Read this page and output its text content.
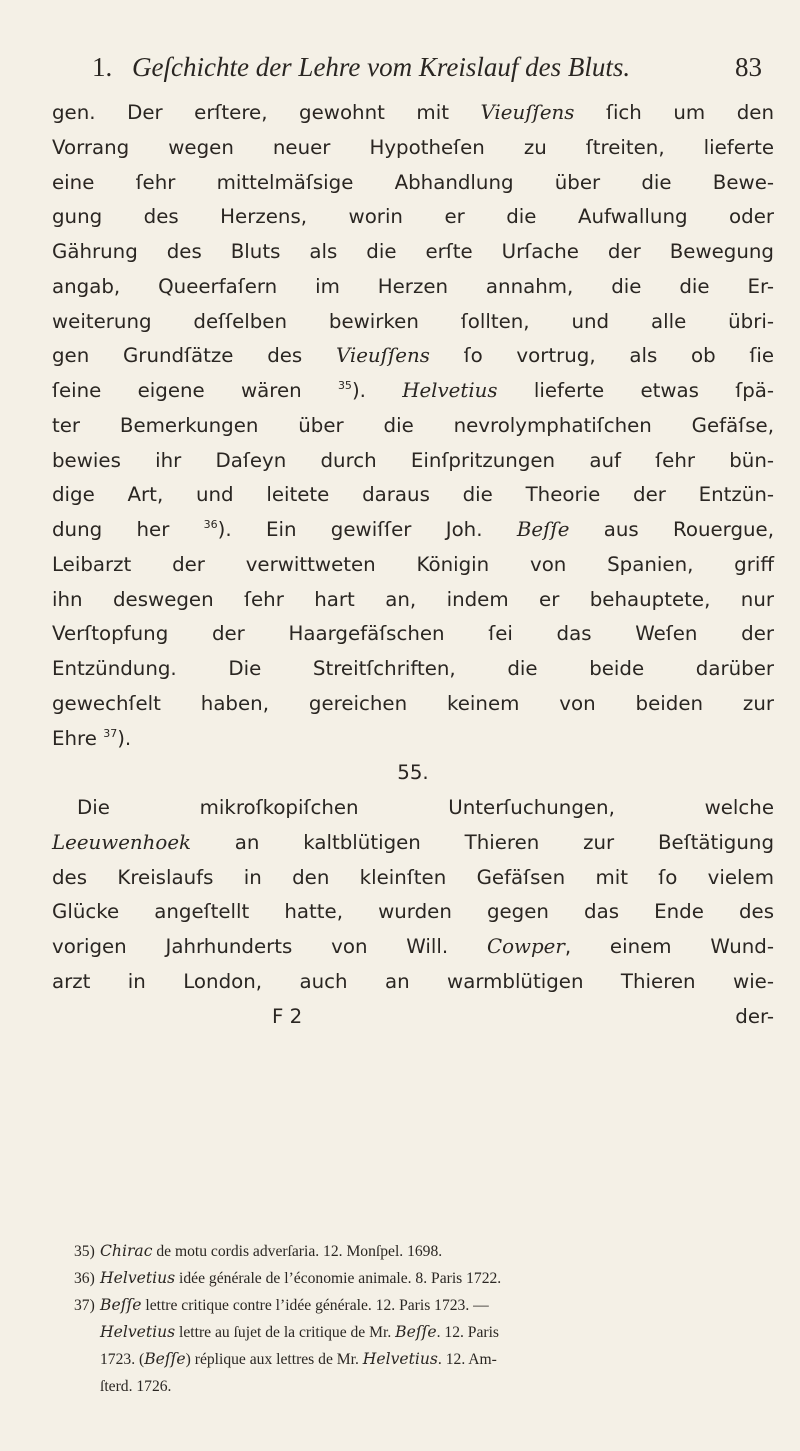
1. Geſchichte der Lehre vom Kreislauf des Bluts.	83
gen. Der erſtere, gewohnt mit Vieuſſens ſich um den
Vorrang wegen neuer Hypotheſen zu ſtreiten, lieferte
eine ſehr mittelmäſsige Abhandlung über die Bewe-
gung des Herzens, worin er die Aufwallung oder
Gährung des Bluts als die erſte Urſache der Bewegung
angab, Queerfaſern im Herzen annahm, die die Er-
weiterung deſſelben bewirken ſollten, und alle übri-
gen Grundſätze des Vieuſſens ſo vortrug, als ob ſie
ſeine eigene wären $^{35}$). Helvetius lieferte etwas ſpä-
ter Bemerkungen über die nevrolymphatiſchen Gefäſse,
bewies ihr Daſeyn durch Einſpritzungen auf ſehr bün-
dige Art, und leitete daraus die Theorie der Entzün-
dung her $^{36}$). Ein gewiſſer Joh. Beſſe aus Rouergue,
Leibarzt der verwittweten Königin von Spanien, griff
ihn deswegen ſehr hart an, indem er behauptete, nur
Verſtopfung der Haargefäſschen ſei das Weſen der
Entzündung. Die Streitſchriften, die beide darüber
gewechſelt haben, gereichen keinem von beiden zur
Ehre $^{37}$).
55.
Die mikroſkopiſchen Unterſuchungen, welche
Leeuwenhoek an kaltblütigen Thieren zur Beſtätigung
des Kreislaufs in den kleinſten Gefäſsen mit ſo vielem
Glücke angeſtellt hatte, wurden gegen das Ende des
vorigen Jahrhunderts von Will. Cowper, einem Wund-
arzt in London, auch an warmblütigen Thieren wie-
F 2	der-
35) Chirac de motu cordis adverſaria. 12. Monſpel. 1698.
36) Helvetius idée générale de l’économie animale. 8. Paris 1722.
37) Beſſe lettre critique contre l’idée générale. 12. Paris 1723. —
Helvetius lettre au ſujet de la critique de Mr. Beſſe. 12. Paris
1723. (Beſſe) réplique aux lettres de Mr. Helvetius. 12. Am-
ſterd. 1726.
